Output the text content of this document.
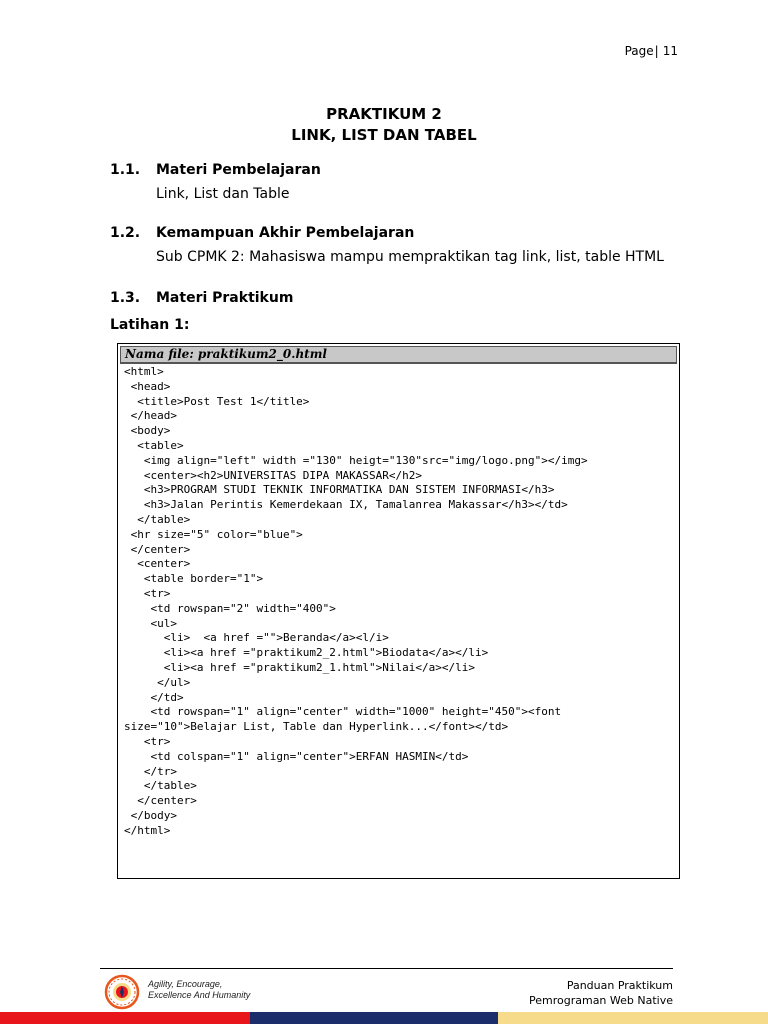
Page| 11
PRAKTIKUM 2
LINK, LIST DAN TABEL
1.1. Materi Pembelajaran
Link, List dan Table
1.2. Kemampuan Akhir Pembelajaran
Sub CPMK 2: Mahasiswa mampu mempraktikan tag link, list, table HTML
1.3. Materi Praktikum
Latihan 1:
Nama file: praktikum2_0.html
<html>
<head>
<title>Post Test 1</title>
</head>
<body>
<table>
<img align="left" width ="130" heigt="130"src="img/logo.png"></img>
<center><h2>UNIVERSITAS DIPA MAKASSAR</h2>
<h3>PROGRAM STUDI TEKNIK INFORMATIKA DAN SISTEM INFORMASI</h3>
<h3>Jalan Perintis Kemerdekaan IX, Tamalanrea Makassar</h3></td>
</table>
<hr size="5" color="blue">
</center>
<center>
<table border="1">
<tr>
<td rowspan="2" width="400">
<ul>
<li>  <a href ="">Beranda</a><l/i>
<li><a href ="praktikum2_2.html">Biodata</a></li>
<li><a href ="praktikum2_1.html">Nilai</a></li>
</ul>
</td>
<td rowspan="1" align="center" width="1000" height="450"><font
size="10">Belajar List, Table dan Hyperlink...</font></td>
<tr>
<td colspan="1" align="center">ERFAN HASMIN</td>
</tr>
</table>
</center>
</body>
</html>
Agility, Encourage,
Excellence And Humanity
Panduan Praktikum
Pemrograman Web Native
